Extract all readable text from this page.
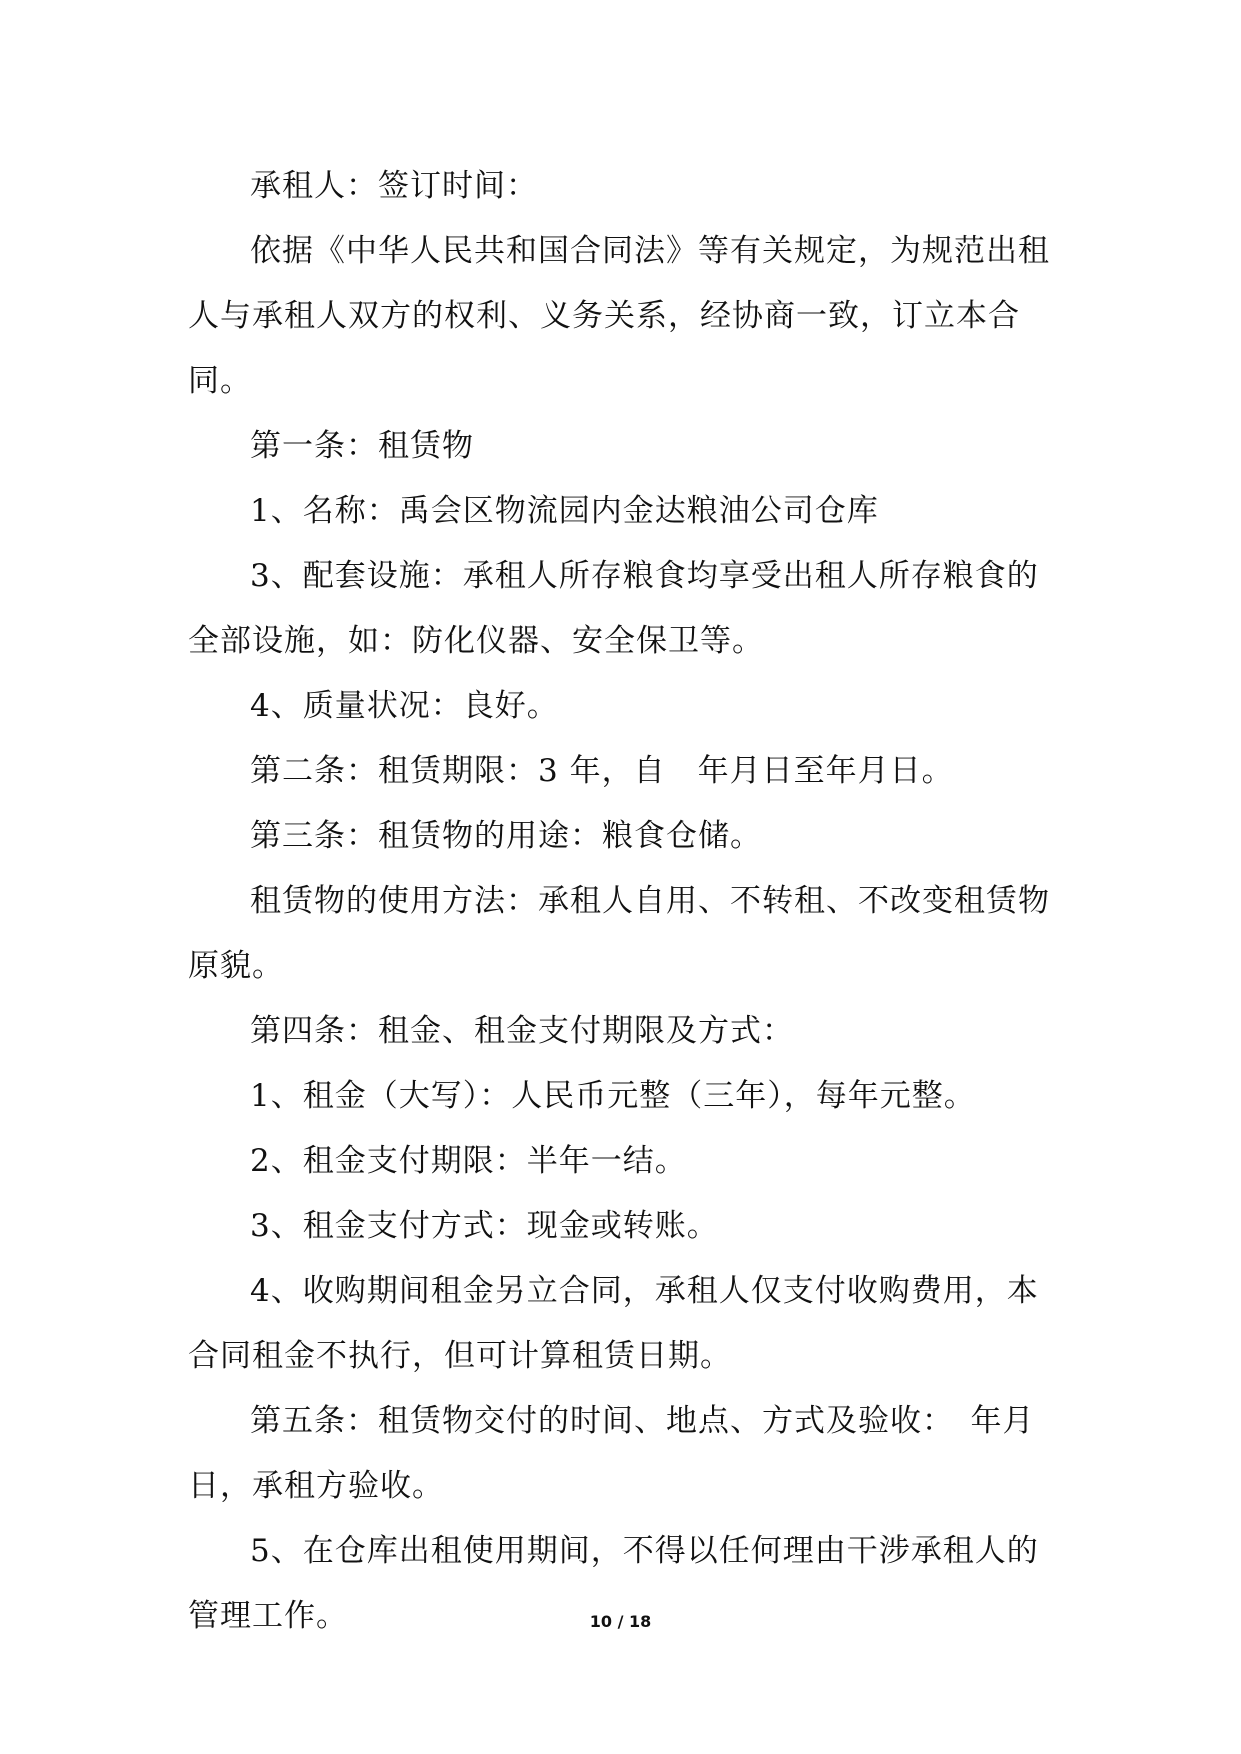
承租人：签订时间：

依据《中华人民共和国合同法》等有关规定，为规范出租人与承租人双方的权利、义务关系，经协商一致，订立本合同。

第一条：租赁物

1、名称：禹会区物流园内金达粮油公司仓库

3、配套设施：承租人所存粮食均享受出租人所存粮食的全部设施，如：防化仪器、安全保卫等。

4、质量状况：良好。

第二条：租赁期限：3 年，自　年月日至年月日。

第三条：租赁物的用途：粮食仓储。

租赁物的使用方法：承租人自用、不转租、不改变租赁物原貌。

第四条：租金、租金支付期限及方式：

1、租金（大写）：人民币元整（三年），每年元整。

2、租金支付期限：半年一结。

3、租金支付方式：现金或转账。

4、收购期间租金另立合同，承租人仅支付收购费用，本合同租金不执行，但可计算租赁日期。

第五条：租赁物交付的时间、地点、方式及验收：　年月日，承租方验收。

5、在仓库出租使用期间，不得以任何理由干涉承租人的管理工作。	10 / 18
